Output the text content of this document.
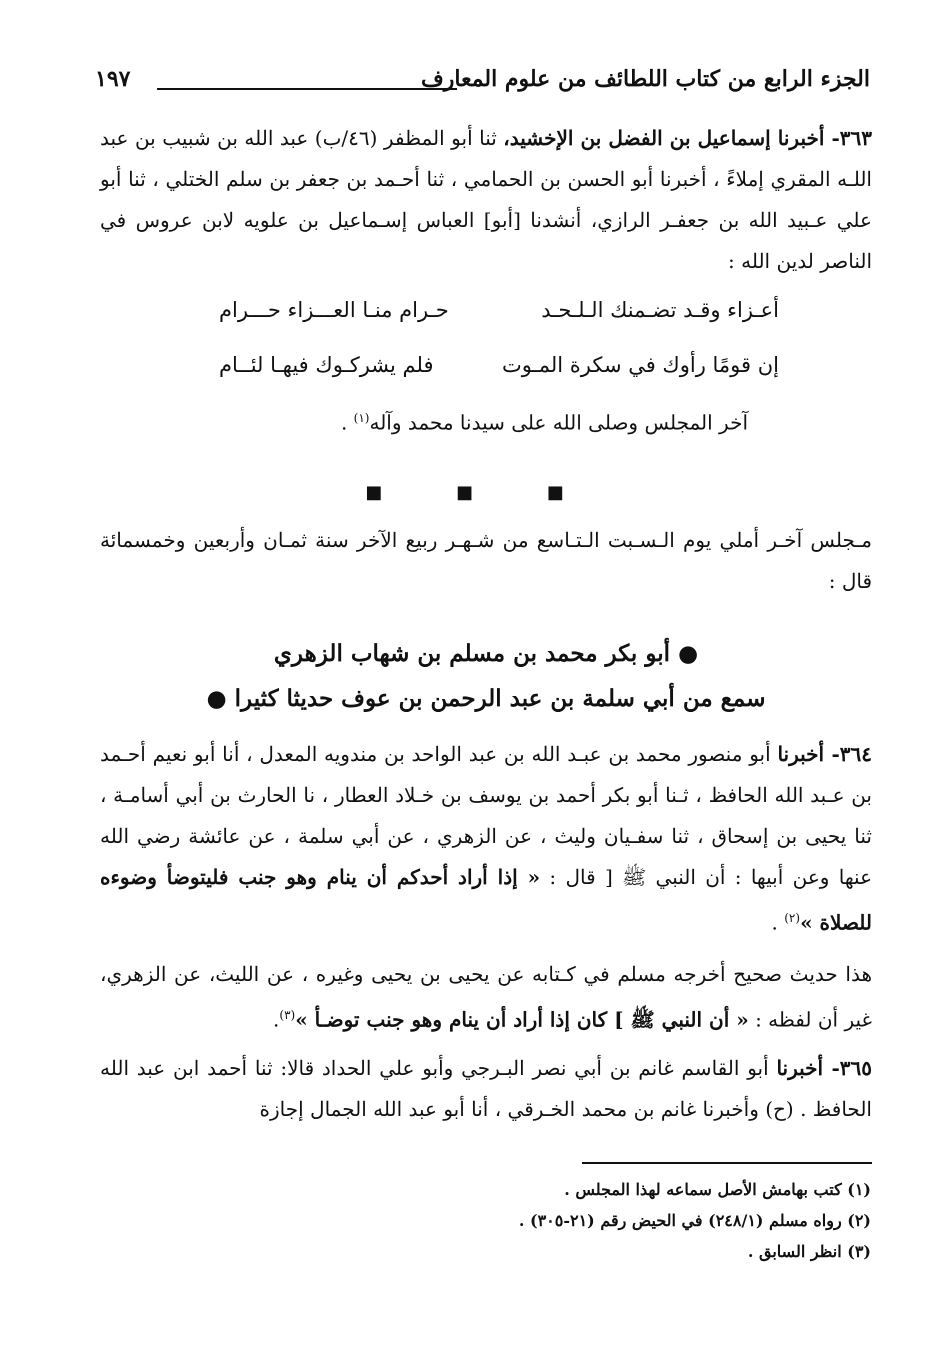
الجزء الرابع من كتاب اللطائف من علوم المعارف
١٩٧
٣٦٣- أخبرنا إسماعيل بن الفضل بن الإخشيد، ثنا أبو المظفر (٤٦/ب) عبد الله بن شبيب بن عبد اللـه المقري إملاءً ، أخبرنا أبو الحسن بن الحمامي ، ثنا أحـمد بن جعفر بن سلم الختلي ، ثنا أبو علي عـبيد الله بن جعفـر الرازي، أنشدنا [أبو] العباس إسـماعيل بن علويه لابن عروس في الناصر لدين الله :
أعـزاء وقـد تضـمنك الـلـحـد
حـرام منـا العـــزاء حـــرام
إن قومًا رأوك في سكرة المـوت
فلم يشركـوك فيهـا لئــام
آخر المجلس وصلى الله على سيدنا محمد وآله$^{(١)}$ .
■ ■ ■
مـجلس آخـر أملي يوم الـسـبت الـتـاسع من شـهـر ربيع الآخر سنة ثمـان وأربعين وخمسمائة قال :
● أبو بكر محمد بن مسلم بن شهاب الزهري
سمع من أبي سلمة بن عبد الرحمن بن عوف حديثا كثيرا ●
٣٦٤- أخبرنا أبو منصور محمد بن عبـد الله بن عبد الواحد بن مندويه المعدل ، أنا أبو نعيم أحـمد بن عـبد الله الحافظ ، ثـنا أبو بكر أحمد بن يوسف بن خـلاد العطار ، نا الحارث بن أبي أسامـة ، ثنا يحيى بن إسحاق ، ثنا سفـيان وليث ، عن الزهري ، عن أبي سلمة ، عن عائشة رضي الله عنها وعن أبيها : أن النبي ﷺ [ قال : « إذا أراد أحدكم أن ينام وهو جنب فليتوضأ وضوءه للصلاة »$^{(٢)}$ .
هذا حديث صحيح أخرجه مسلم في كـتابه عن يحيى بن يحيى وغيره ، عن الليث، عن الزهري، غير أن لفظه : « أن النبي ﷺ ] كان إذا أراد أن ينام وهو جنب توضـأ »$^{(٣)}$.
٣٦٥- أخبرنا أبو القاسم غانم بن أبي نصر البـرجي وأبو علي الحداد قالا: ثنا أحمد ابن عبد الله الحافظ . (ح) وأخبرنا غانم بن محمد الخـرقي ، أنا أبو عبد الله الجمال إجازة
(١) كتب بهامش الأصل سماعه لهذا المجلس .
(٢) رواه مسلم (٢٤٨/١) في الحيض رقم (٢١-٣٠٥) .
(٣) انظر السابق .
